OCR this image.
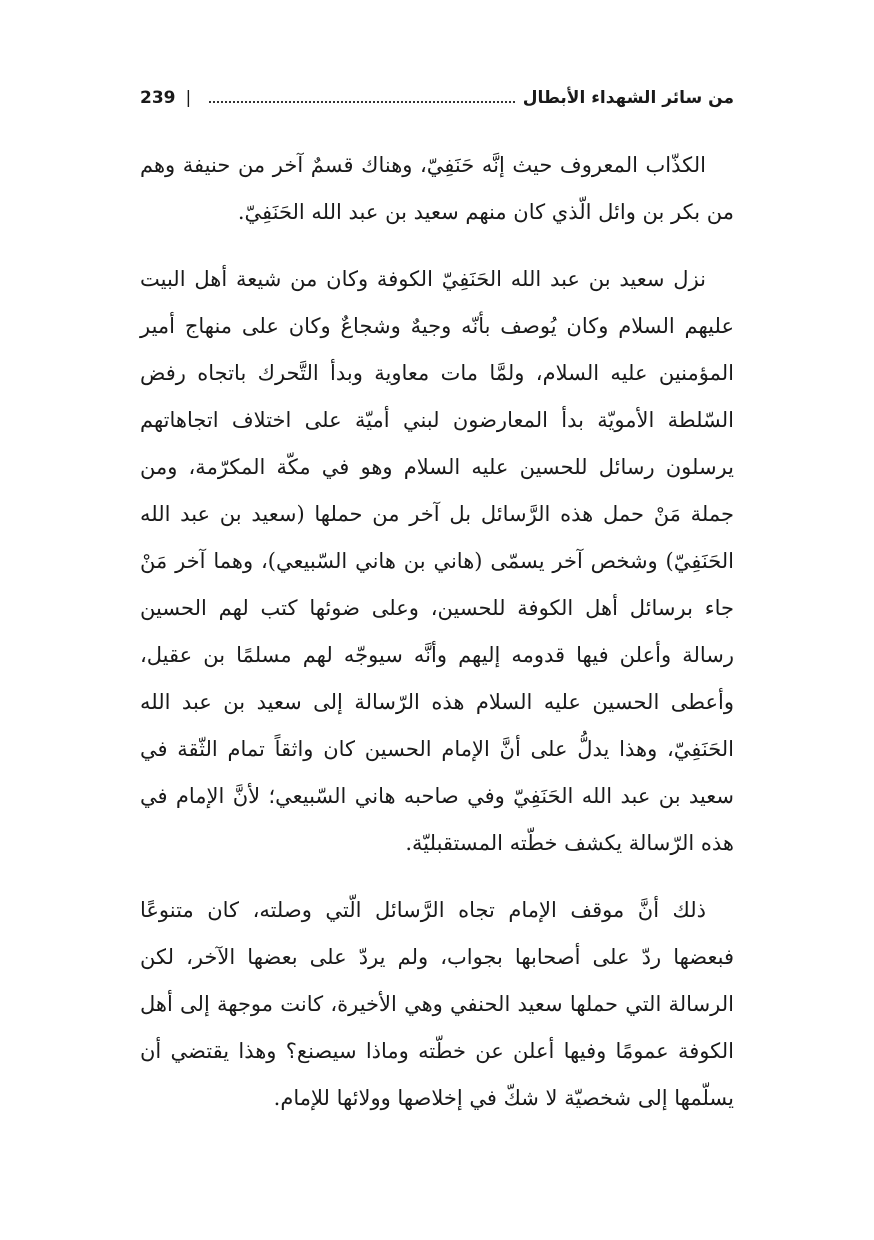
من سائر الشهداء الأبطال
|
239

الكذّاب المعروف حيث إنَّه حَنَفِيّ، وهناك قسمٌ آخر من حنيفة وهم من بكر بن وائل الّذي كان منهم سعيد بن عبد الله الحَنَفِيّ.

نزل سعيد بن عبد الله الحَنَفِيّ الكوفة وكان من شيعة أهل البيت عليهم السلام وكان يُوصف بأنّه وجيهٌ وشجاعٌ وكان على منهاج أمير المؤمنين عليه السلام، ولمَّا مات معاوية وبدأ التَّحرك باتجاه رفض السّلطة الأمويّة بدأ المعارضون لبني أميّة على اختلاف اتجاهاتهم يرسلون رسائل للحسين عليه السلام وهو في مكّة المكرّمة، ومن جملة مَنْ حمل هذه الرَّسائل بل آخر من حملها (سعيد بن عبد الله الحَنَفِيّ) وشخص آخر يسمّى (هاني بن هاني السّبيعي)، وهما آخر مَنْ جاء برسائل أهل الكوفة للحسين، وعلى ضوئها كتب لهم الحسين رسالة وأعلن فيها قدومه إليهم وأنَّه سيوجّه لهم مسلمًا بن عقيل، وأعطى الحسين عليه السلام هذه الرّسالة إلى سعيد بن عبد الله الحَنَفِيّ، وهذا يدلُّ على أنَّ الإمام الحسين كان واثقاً تمام الثّقة في سعيد بن عبد الله الحَنَفِيّ وفي صاحبه هاني السّبيعي؛ لأنَّ الإمام في هذه الرّسالة يكشف خطّته المستقبليّة.

ذلك أنَّ موقف الإمام تجاه الرَّسائل الّتي وصلته، كان متنوعًا فبعضها ردّ على أصحابها بجواب، ولم يردّ على بعضها الآخر، لكن الرسالة التي حملها سعيد الحنفي وهي الأخيرة، كانت موجهة إلى أهل الكوفة عمومًا وفيها أعلن عن خطّته وماذا سيصنع؟ وهذا يقتضي أن يسلّمها إلى شخصيّة لا شكّ في إخلاصها وولائها للإمام.
